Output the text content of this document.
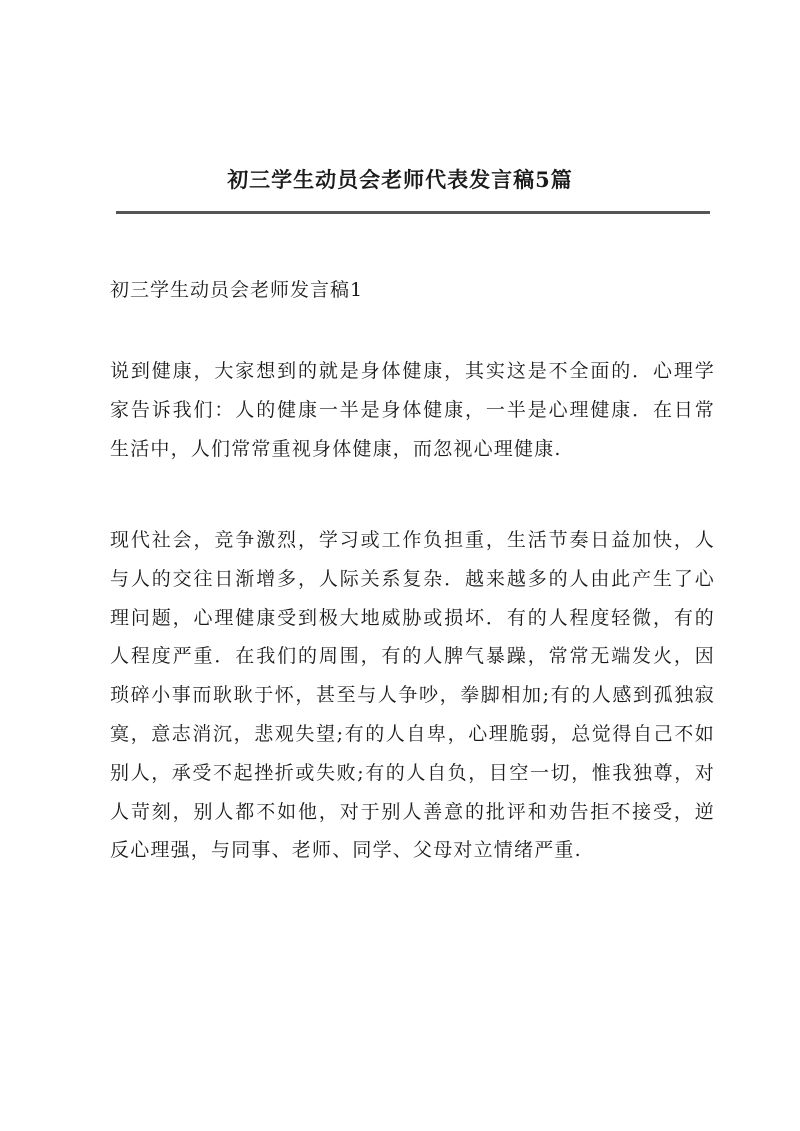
初三学生动员会老师代表发言稿5篇
初三学生动员会老师发言稿1
说到健康，大家想到的就是身体健康，其实这是不全面的．心理学家告诉我们：人的健康一半是身体健康，一半是心理健康．在日常生活中，人们常常重视身体健康，而忽视心理健康.
现代社会，竞争激烈，学习或工作负担重，生活节奏日益加快，人与人的交往日渐增多，人际关系复杂．越来越多的人由此产生了心理问题，心理健康受到极大地威胁或损坏．有的人程度轻微，有的人程度严重．在我们的周围，有的人脾气暴躁，常常无端发火，因琐碎小事而耿耿于怀，甚至与人争吵，拳脚相加;有的人感到孤独寂寞，意志消沉，悲观失望;有的人自卑，心理脆弱，总觉得自己不如别人，承受不起挫折或失败;有的人自负，目空一切，惟我独尊，对人苛刻，别人都不如他，对于别人善意的批评和劝告拒不接受，逆反心理强，与同事、老师、同学、父母对立情绪严重.
